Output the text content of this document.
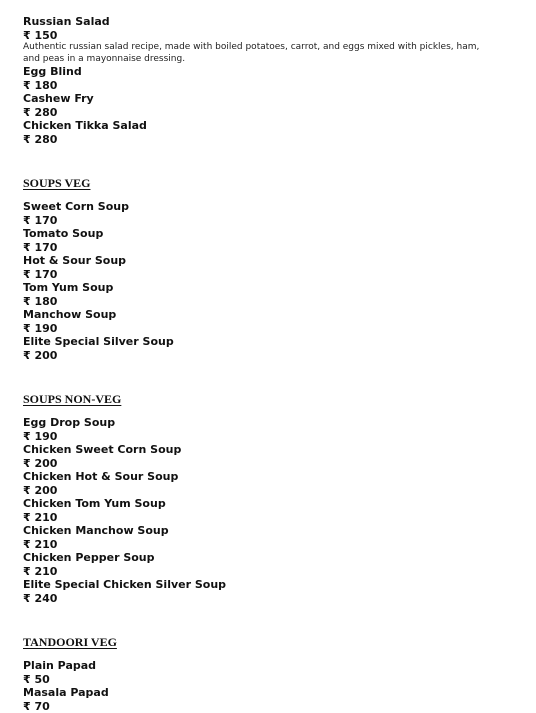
Russian Salad
₹ 150
Authentic russian salad recipe, made with boiled potatoes, carrot, and eggs mixed with pickles, ham, and peas in a mayonnaise dressing.
Egg Blind
₹ 180
Cashew Fry
₹ 280
Chicken Tikka Salad
₹ 280
SOUPS VEG
Sweet Corn Soup
₹ 170
Tomato Soup
₹ 170
Hot & Sour Soup
₹ 170
Tom Yum Soup
₹ 180
Manchow Soup
₹ 190
Elite Special Silver Soup
₹ 200
SOUPS NON-VEG
Egg Drop Soup
₹ 190
Chicken Sweet Corn Soup
₹ 200
Chicken Hot & Sour Soup
₹ 200
Chicken Tom Yum Soup
₹ 210
Chicken Manchow Soup
₹ 210
Chicken Pepper Soup
₹ 210
Elite Special Chicken Silver Soup
₹ 240
TANDOORI VEG
Plain Papad
₹ 50
Masala Papad
₹ 70
